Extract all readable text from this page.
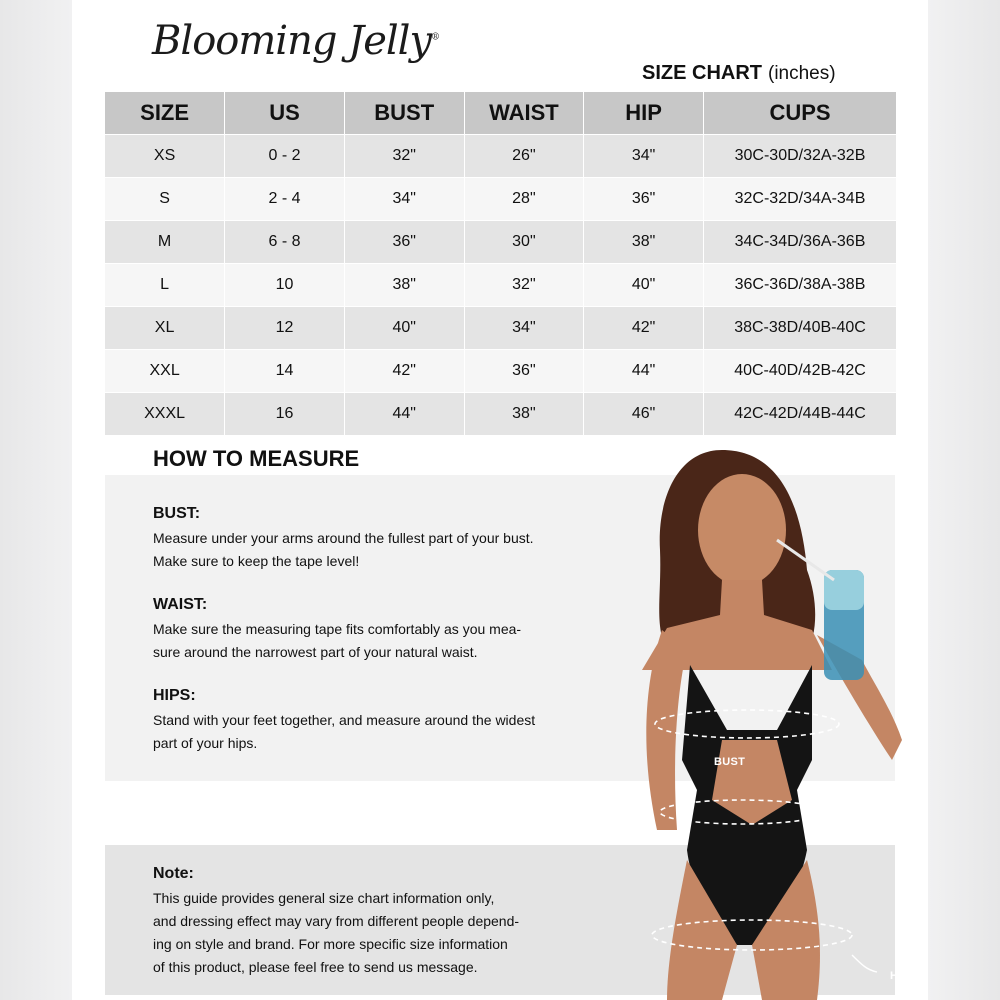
Blooming Jelly®
SIZE CHART (inches)
SIZE	US	BUST	WAIST	HIP	CUPS
XS	0 - 2	32"	26"	34"	30C-30D/32A-32B
S	2 - 4	34"	28"	36"	32C-32D/34A-34B
M	6 - 8	36"	30"	38"	34C-34D/36A-36B
L	10	38"	32"	40"	36C-36D/38A-38B
XL	12	40"	34"	42"	38C-38D/40B-40C
XXL	14	42"	36"	44"	40C-40D/42B-42C
XXXL	16	44"	38"	46"	42C-42D/44B-44C
BUST:
Measure under your arms around the fullest part of your bust.
Make sure to keep the tape level!
WAIST:
Make sure the measuring tape fits comfortably as you mea-
sure around the narrowest part of your natural waist.
HIPS:
Stand with your feet together, and measure around the widest
part of your hips.
HOW TO MEASURE
Note:
This guide provides general size chart information only,
and dressing effect may vary from different people depend-
ing on style and brand. For more specific size information
of this product, please feel free to send us message.
BUST
WAIST
HIP
